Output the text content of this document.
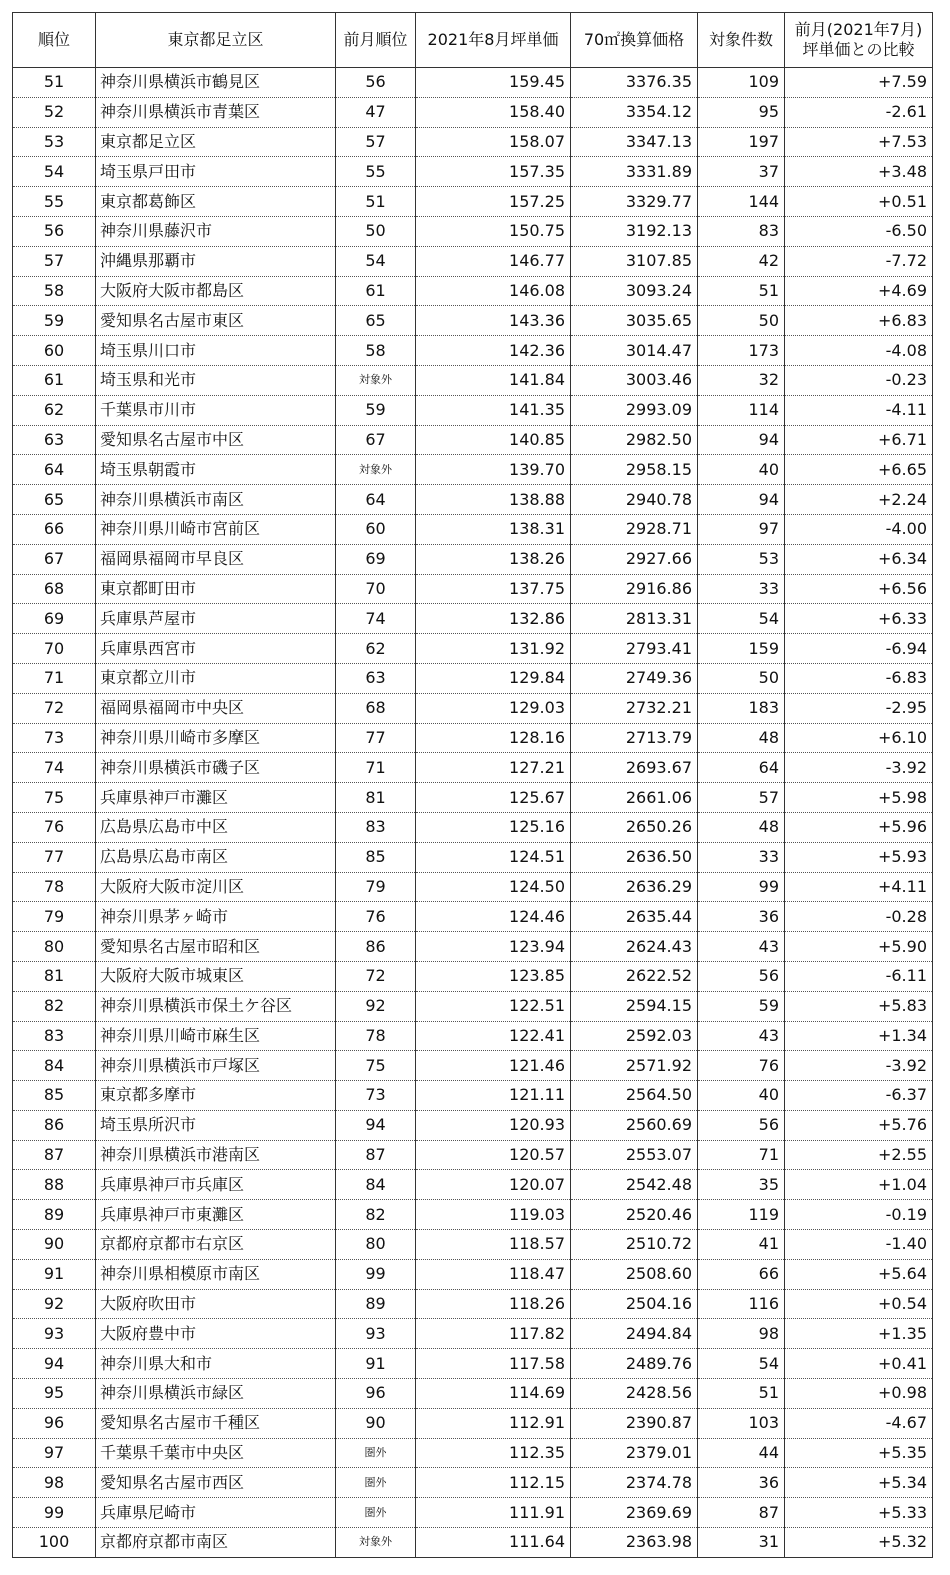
順位	東京都足立区	前月順位	2021年8月坪単価	70㎡換算価格	対象件数	前月(2021年7月)
坪単価との比較

51	神奈川県横浜市鶴見区	56	159.45	3376.35	109	+7.59
52	神奈川県横浜市青葉区	47	158.40	3354.12	95	-2.61
53	東京都足立区	57	158.07	3347.13	197	+7.53
54	埼玉県戸田市	55	157.35	3331.89	37	+3.48
55	東京都葛飾区	51	157.25	3329.77	144	+0.51
56	神奈川県藤沢市	50	150.75	3192.13	83	-6.50
57	沖縄県那覇市	54	146.77	3107.85	42	-7.72
58	大阪府大阪市都島区	61	146.08	3093.24	51	+4.69
59	愛知県名古屋市東区	65	143.36	3035.65	50	+6.83
60	埼玉県川口市	58	142.36	3014.47	173	-4.08
61	埼玉県和光市	対象外	141.84	3003.46	32	-0.23
62	千葉県市川市	59	141.35	2993.09	114	-4.11
63	愛知県名古屋市中区	67	140.85	2982.50	94	+6.71
64	埼玉県朝霞市	対象外	139.70	2958.15	40	+6.65
65	神奈川県横浜市南区	64	138.88	2940.78	94	+2.24
66	神奈川県川崎市宮前区	60	138.31	2928.71	97	-4.00
67	福岡県福岡市早良区	69	138.26	2927.66	53	+6.34
68	東京都町田市	70	137.75	2916.86	33	+6.56
69	兵庫県芦屋市	74	132.86	2813.31	54	+6.33
70	兵庫県西宮市	62	131.92	2793.41	159	-6.94
71	東京都立川市	63	129.84	2749.36	50	-6.83
72	福岡県福岡市中央区	68	129.03	2732.21	183	-2.95
73	神奈川県川崎市多摩区	77	128.16	2713.79	48	+6.10
74	神奈川県横浜市磯子区	71	127.21	2693.67	64	-3.92
75	兵庫県神戸市灘区	81	125.67	2661.06	57	+5.98
76	広島県広島市中区	83	125.16	2650.26	48	+5.96
77	広島県広島市南区	85	124.51	2636.50	33	+5.93
78	大阪府大阪市淀川区	79	124.50	2636.29	99	+4.11
79	神奈川県茅ヶ崎市	76	124.46	2635.44	36	-0.28
80	愛知県名古屋市昭和区	86	123.94	2624.43	43	+5.90
81	大阪府大阪市城東区	72	123.85	2622.52	56	-6.11
82	神奈川県横浜市保土ケ谷区	92	122.51	2594.15	59	+5.83
83	神奈川県川崎市麻生区	78	122.41	2592.03	43	+1.34
84	神奈川県横浜市戸塚区	75	121.46	2571.92	76	-3.92
85	東京都多摩市	73	121.11	2564.50	40	-6.37
86	埼玉県所沢市	94	120.93	2560.69	56	+5.76
87	神奈川県横浜市港南区	87	120.57	2553.07	71	+2.55
88	兵庫県神戸市兵庫区	84	120.07	2542.48	35	+1.04
89	兵庫県神戸市東灘区	82	119.03	2520.46	119	-0.19
90	京都府京都市右京区	80	118.57	2510.72	41	-1.40
91	神奈川県相模原市南区	99	118.47	2508.60	66	+5.64
92	大阪府吹田市	89	118.26	2504.16	116	+0.54
93	大阪府豊中市	93	117.82	2494.84	98	+1.35
94	神奈川県大和市	91	117.58	2489.76	54	+0.41
95	神奈川県横浜市緑区	96	114.69	2428.56	51	+0.98
96	愛知県名古屋市千種区	90	112.91	2390.87	103	-4.67
97	千葉県千葉市中央区	圏外	112.35	2379.01	44	+5.35
98	愛知県名古屋市西区	圏外	112.15	2374.78	36	+5.34
99	兵庫県尼崎市	圏外	111.91	2369.69	87	+5.33
100	京都府京都市南区	対象外	111.64	2363.98	31	+5.32
